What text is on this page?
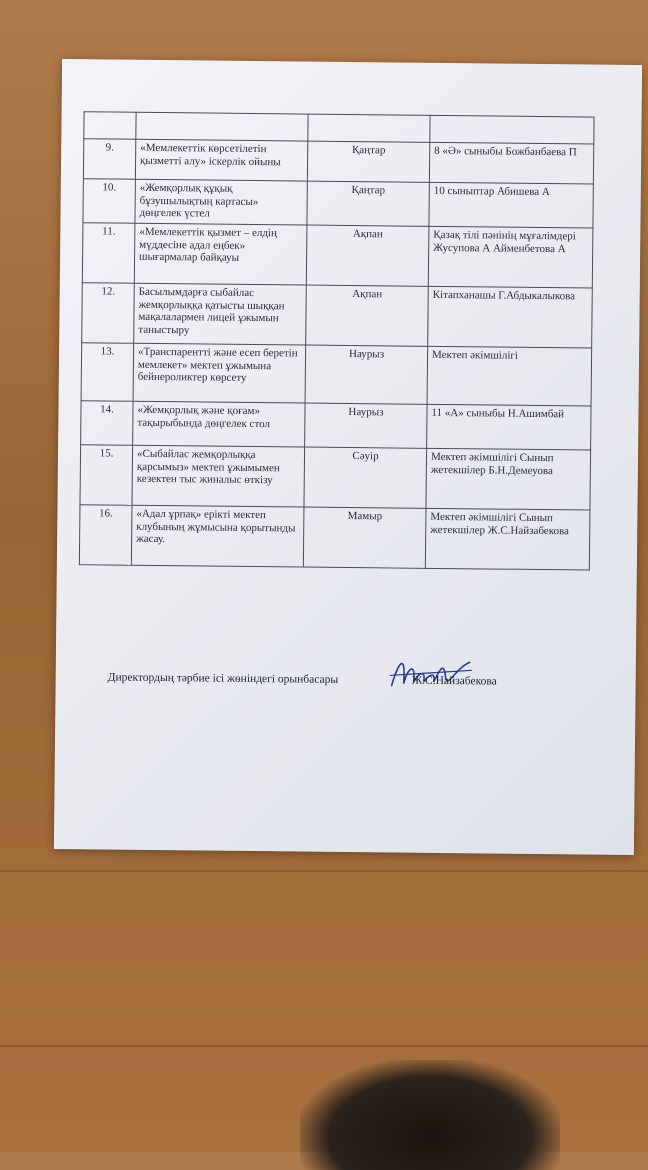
9.	«Мемлекеттік көрсетілетін қызметті алу» іскерлік ойыны	Қаңтар	8 «Ә» сыныбы Божбанбаева П
10.	«Жемқорлық құқық бұзушылықтың картасы» дөңгелек үстел	Қаңтар	10 сыныптар Абишева А
11.	«Мемлекеттік қызмет – елдің мүддесіне адал еңбек» шығармалар байқауы	Ақпан	Қазақ тілі пәнінің мұғалімдері Жусупова А Айменбетова А
12.	Басылымдарға сыбайлас жемқорлыққа қатысты шыққан мақалалармен лицей ұжымын таныстыру	Ақпан	Кітапханашы Г.Абдыкалыкова
13.	«Транспарентті және есеп беретін мемлекет» мектеп ұжымына бейнероликтер көрсету	Наурыз	Мектеп әкімшілігі
14.	«Жемқорлық және қоғам» тақырыбында дөңгелек стол	Наурыз	11 «А» сыныбы Н.Ашимбай
15.	«Сыбайлас жемқорлыққа қарсымыз» мектеп ұжымымен кезектен тыс жиналыс өткізу	Сәуір	Мектеп әкімшілігі Сынып жетекшілер Б.Н.Демеуова
16.	«Адал ұрпақ» ерікті мектеп клубының жұмысына қорытынды жасау.	Мамыр	Мектеп әкімшілігі Сынып жетекшілер Ж.С.Найзабекова
Директордың тәрбие ісі жөніндегі орынбасары	Ж.С.Найзабекова
